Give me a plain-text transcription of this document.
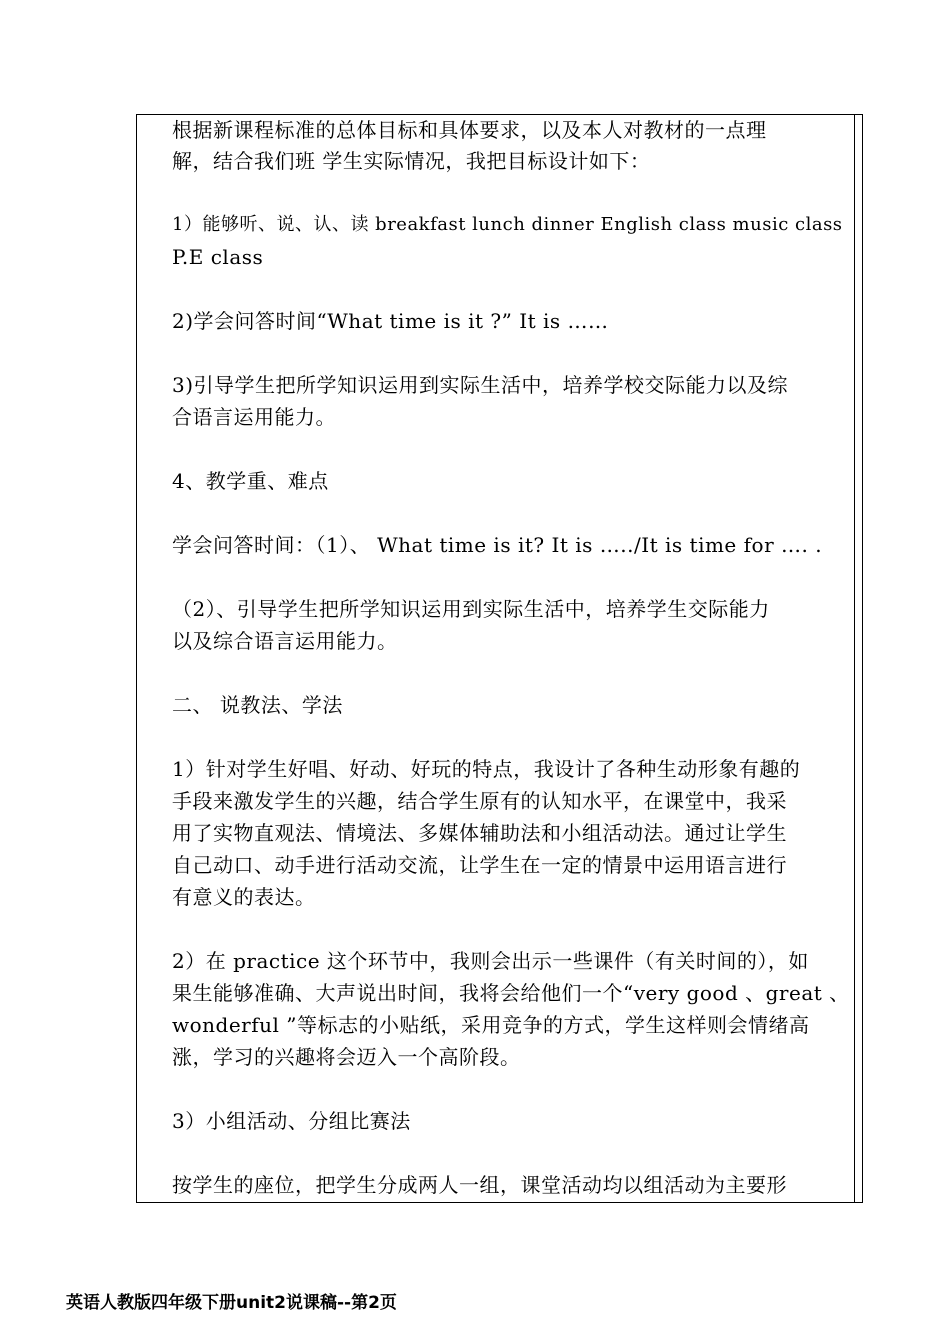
根据新课程标准的总体目标和具体要求，以及本人对教材的一点理
解，结合我们班 学生实际情况，我把目标设计如下：
1）能够听、说、认、读 breakfast lunch dinner English class music class
P.E class
2)学会问答时间“What time is it ?” It is ……
3)引导学生把所学知识运用到实际生活中，培养学校交际能力以及综
合语言运用能力。
4、教学重、难点
学会问答时间：（1）、 What time is it? It is …../It is time for …. .
（2）、引导学生把所学知识运用到实际生活中，培养学生交际能力
以及综合语言运用能力。
二、 说教法、学法
1）针对学生好唱、好动、好玩的特点，我设计了各种生动形象有趣的
手段来激发学生的兴趣，结合学生原有的认知水平，在课堂中，我采
用了实物直观法、情境法、多媒体辅助法和小组活动法。通过让学生
自己动口、动手进行活动交流，让学生在一定的情景中运用语言进行
有意义的表达。
2）在 practice 这个环节中，我则会出示一些课件（有关时间的），如
果生能够准确、大声说出时间，我将会给他们一个“very good 、great 、
wonderful ”等标志的小贴纸，采用竞争的方式，学生这样则会情绪高
涨，学习的兴趣将会迈入一个高阶段。
3）小组活动、分组比赛法
按学生的座位，把学生分成两人一组，课堂活动均以组活动为主要形
英语人教版四年级下册unit2说课稿--第2页
